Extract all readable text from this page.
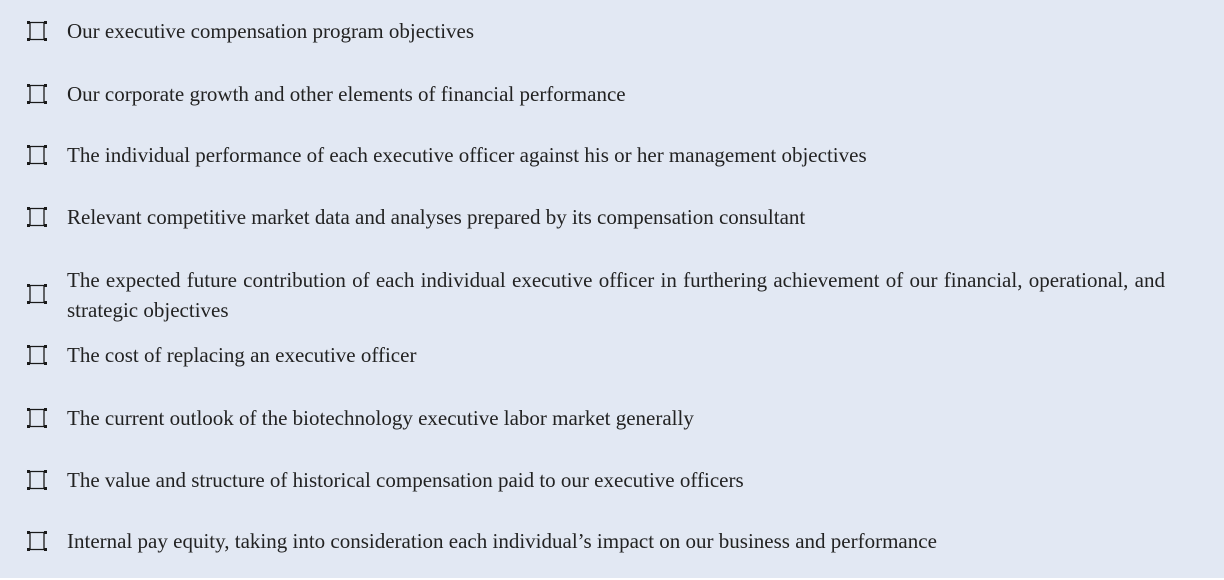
Our executive compensation program objectives
Our corporate growth and other elements of financial performance
The individual performance of each executive officer against his or her management objectives
Relevant competitive market data and analyses prepared by its compensation consultant
The expected future contribution of each individual executive officer in furthering achievement of our financial, operational, and strategic objectives
The cost of replacing an executive officer
The current outlook of the biotechnology executive labor market generally
The value and structure of historical compensation paid to our executive officers
Internal pay equity, taking into consideration each individual’s impact on our business and performance
